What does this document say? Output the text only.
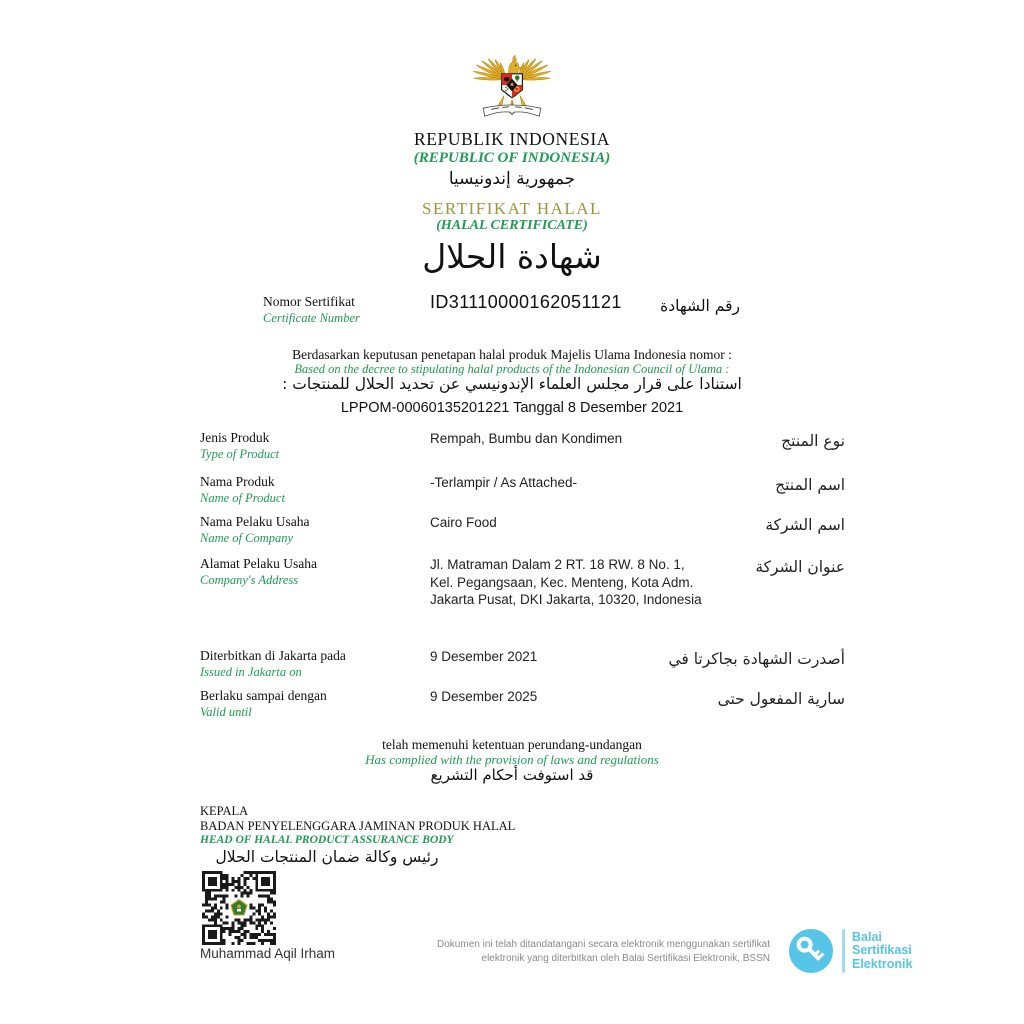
REPUBLIK INDONESIA
(REPUBLIC OF INDONESIA)
جمهورية إندونيسيا
SERTIFIKAT HALAL
(HALAL CERTIFICATE)
شهادة الحلال
Nomor Sertifikat
Certificate Number
ID31110000162051121 رقم الشهادة
Berdasarkan keputusan penetapan halal produk Majelis Ulama Indonesia nomor :
Based on the decree to stipulating halal products of the Indonesian Council of Ulama :
استنادا على قرار مجلس العلماء الإندونيسي عن تحديد الحلال للمنتجات :
LPPOM-00060135201221 Tanggal 8 Desember 2021
Jenis Produk
Type of Product
Rempah, Bumbu dan Kondimen	نوع المنتج
Nama Produk
Name of Product
-Terlampir / As Attached-	اسم المنتج
Nama Pelaku Usaha
Name of Company
Cairo Food	اسم الشركة
Alamat Pelaku Usaha
Company's Address
Jl. Matraman Dalam 2 RT. 18 RW. 8 No. 1, Kel. Pegangsaan, Kec. Menteng, Kota Adm. Jakarta Pusat, DKI Jakarta, 10320, Indonesia
عنوان الشركة
Diterbitkan di Jakarta pada
Issued in Jakarta on
9 Desember 2021	أصدرت الشهادة بجاكرتا في
Berlaku sampai dengan
Valid until
9 Desember 2025	سارية المفعول حتى
telah memenuhi ketentuan perundang-undangan
Has complied with the provision of laws and regulations
قد استوفت أحكام التشريع
KEPALA
BADAN PENYELENGGARA JAMINAN PRODUK HALAL
HEAD OF HALAL PRODUCT ASSURANCE BODY
رئيس وكالة ضمان المنتجات الحلال
Muhammad Aqil Irham
Dokumen ini telah ditandatangani secara elektronik menggunakan sertifikat
elektronik yang diterbitkan oleh Balai Sertifikasi Elektronik, BSSN
Balai
Sertifikasi
Elektronik
